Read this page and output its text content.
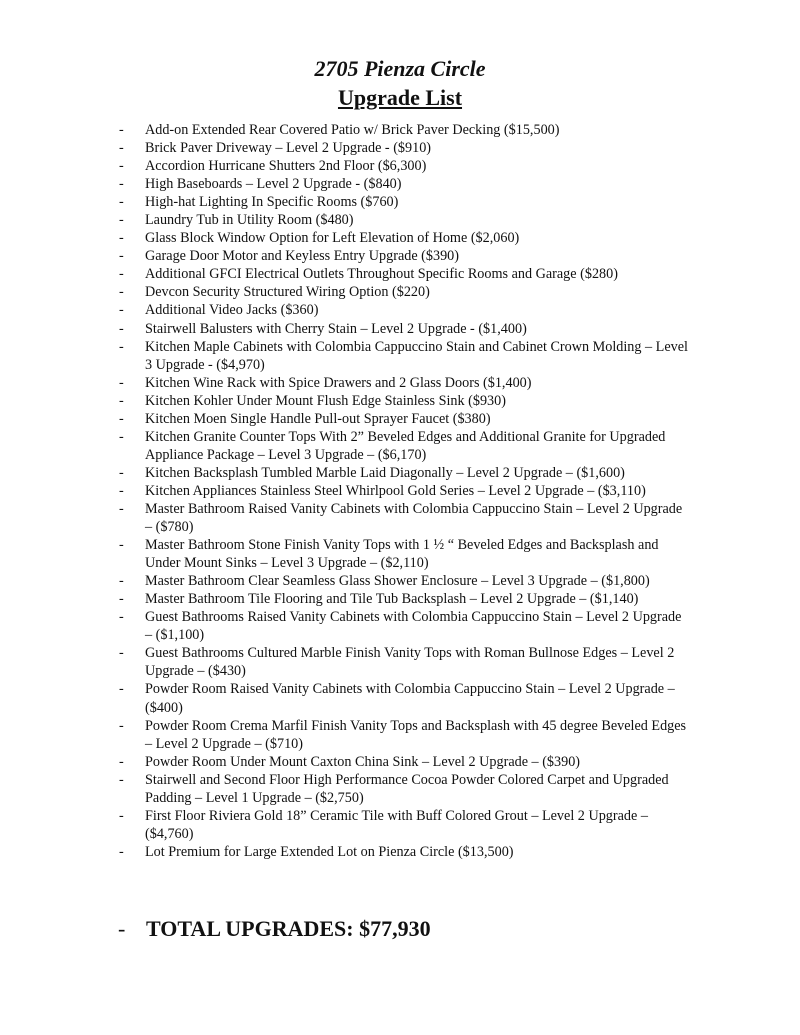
2705 Pienza Circle
Upgrade List
- Add-on Extended Rear Covered Patio w/ Brick Paver Decking ($15,500)
- Brick Paver Driveway – Level 2 Upgrade - ($910)
- Accordion Hurricane Shutters 2nd Floor ($6,300)
- High Baseboards – Level 2 Upgrade - ($840)
- High-hat Lighting In Specific Rooms ($760)
- Laundry Tub in Utility Room ($480)
- Glass Block Window Option for Left Elevation of Home ($2,060)
- Garage Door Motor and Keyless Entry Upgrade ($390)
- Additional GFCI Electrical Outlets Throughout Specific Rooms and Garage ($280)
- Devcon Security Structured Wiring Option ($220)
- Additional Video Jacks ($360)
- Stairwell Balusters with Cherry Stain – Level 2 Upgrade - ($1,400)
- Kitchen Maple Cabinets with Colombia Cappuccino Stain and Cabinet Crown Molding – Level 3 Upgrade - ($4,970)
- Kitchen Wine Rack with Spice Drawers and 2 Glass Doors ($1,400)
- Kitchen Kohler Under Mount Flush Edge Stainless Sink ($930)
- Kitchen Moen Single Handle Pull-out Sprayer Faucet ($380)
- Kitchen Granite Counter Tops With 2” Beveled Edges and Additional Granite for Upgraded Appliance Package – Level 3 Upgrade – ($6,170)
- Kitchen Backsplash Tumbled Marble Laid Diagonally – Level 2 Upgrade – ($1,600)
- Kitchen Appliances Stainless Steel Whirlpool Gold Series – Level 2 Upgrade – ($3,110)
- Master Bathroom Raised Vanity Cabinets with Colombia Cappuccino Stain – Level 2 Upgrade – ($780)
- Master Bathroom Stone Finish Vanity Tops with 1 ½ “ Beveled Edges and Backsplash and Under Mount Sinks – Level 3 Upgrade – ($2,110)
- Master Bathroom Clear Seamless Glass Shower Enclosure – Level 3 Upgrade – ($1,800)
- Master Bathroom Tile Flooring and Tile Tub Backsplash – Level 2 Upgrade – ($1,140)
- Guest Bathrooms Raised Vanity Cabinets with Colombia Cappuccino Stain – Level 2 Upgrade – ($1,100)
- Guest Bathrooms Cultured Marble Finish Vanity Tops with Roman Bullnose Edges – Level 2 Upgrade – ($430)
- Powder Room Raised Vanity Cabinets with Colombia Cappuccino Stain – Level 2 Upgrade – ($400)
- Powder Room Crema Marfil Finish Vanity Tops and Backsplash with 45 degree Beveled Edges – Level 2 Upgrade – ($710)
- Powder Room Under Mount Caxton China Sink – Level 2 Upgrade – ($390)
- Stairwell and Second Floor High Performance Cocoa Powder Colored Carpet and Upgraded Padding – Level 1 Upgrade – ($2,750)
- First Floor Riviera Gold 18” Ceramic Tile with Buff Colored Grout – Level 2 Upgrade – ($4,760)
- Lot Premium for Large Extended Lot on Pienza Circle ($13,500)
- TOTAL UPGRADES: $77,930
